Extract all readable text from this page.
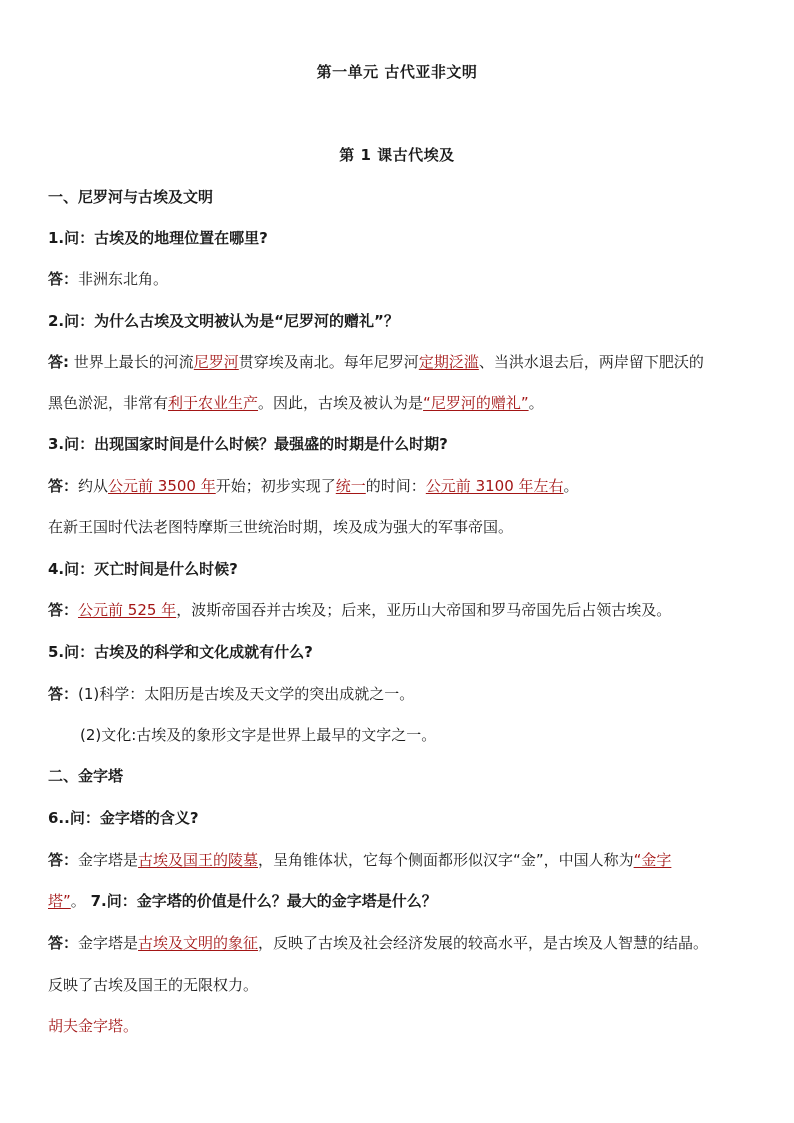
第一单元 古代亚非文明
第 1 课古代埃及
一、尼罗河与古埃及文明
1.问：古埃及的地理位置在哪里?
答：非洲东北角。
2.问：为什么古埃及文明被认为是“尼罗河的赠礼”？
答: 世界上最长的河流尼罗河贯穿埃及南北。每年尼罗河定期泛滥、当洪水退去后，两岸留下肥沃的
黑色淤泥，非常有利于农业生产。因此，古埃及被认为是“尼罗河的赠礼”。
3.问：出现国家时间是什么时候？最强盛的时期是什么时期?
答：约从公元前 3500 年开始；初步实现了统一的时间：公元前 3100 年左右。
在新王国时代法老图特摩斯三世统治时期，埃及成为强大的军事帝国。
4.问：灭亡时间是什么时候?
答：公元前 525 年，波斯帝国吞并古埃及；后来，亚历山大帝国和罗马帝国先后占领古埃及。
5.问：古埃及的科学和文化成就有什么?
答：(1)科学：太阳历是古埃及天文学的突出成就之一。
(2)文化:古埃及的象形文字是世界上最早的文字之一。
二、金字塔
6..问：金字塔的含义?
答：金字塔是古埃及国王的陵墓，呈角锥体状，它每个侧面都形似汉字“金”，中国人称为“金字
塔”。 7.问：金字塔的价值是什么？最大的金字塔是什么？
答：金字塔是古埃及文明的象征，反映了古埃及社会经济发展的较高水平，是古埃及人智慧的结晶。
反映了古埃及国王的无限权力。
胡夫金字塔。
